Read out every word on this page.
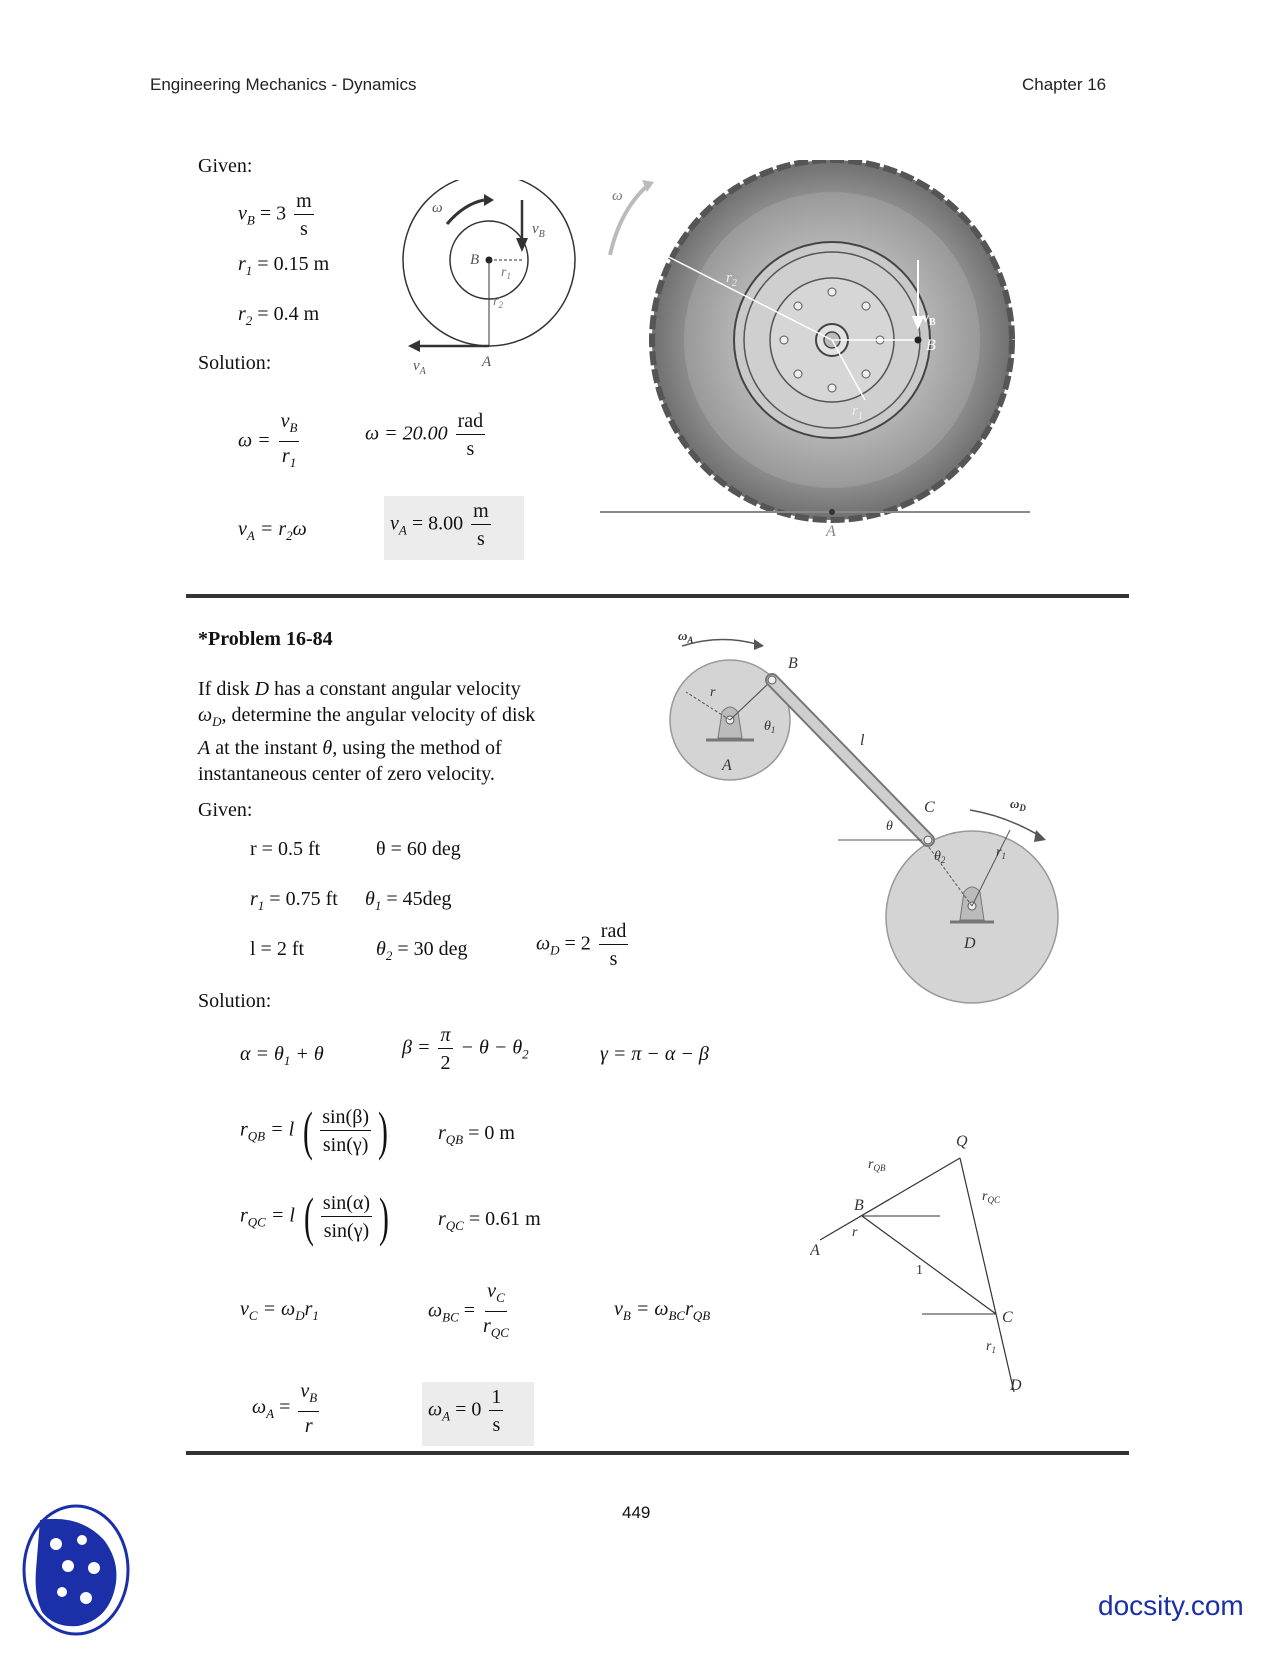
Engineering Mechanics - Dynamics	Chapter 16
Given:
$v_B = 3 \frac{m}{s}$
$r_1 = 0.15$ m
$r_2 = 0.4$ m
Solution:
$\omega = \frac{v_B}{r_1}$	$\omega = 20.00 \frac{\text{rad}}{s}$
$v_A = r_2\omega$	$v_A = 8.00 \frac{m}{s}$
ω
$v_B$
B
$r_1$
$r_2$
$v_A$
A
ω
$r_2$
$v_B$
B
$r_1$
A
*Problem 16-84
If disk D has a constant angular velocity
$\omega_D$, determine the angular velocity of disk
A at the instant θ, using the method of
instantaneous center of zero velocity.
Given:
r = 0.5 ft	θ = 60 deg
$r_1 = 0.75$ ft $\theta_1 = 45deg$
l = 2 ft	$\theta_2 = 30$ deg	$\omega_D = 2 \frac{\text{rad}}{s}$
Solution:
$\alpha = \theta_1 + \theta$	$\beta = \frac{\pi}{2} - \theta - \theta_2$	γ = π − α − β
$r_{QB} = l$ ( $\frac{\sin(\beta)}{\sin(\gamma)}$ )	$r_{QB} = 0$ m
$r_{QC} = l$ ( $\frac{\sin(\alpha)}{\sin(\gamma)}$ ) $r_{QC} = 0.61$ m
$v_C = \omega_Dr_1$	$\omega_{BC} = \frac{v_C}{r_{QC}}$	$v_B = \omega_{BC}r_{QB}$
$\omega_A = \frac{v_B}{r}$	$\omega_A = 0 \frac{1}{s}$
$\omega_A$
B
r
$\theta_1$
A
l
C
θ
$\theta_2$
$\omega_D$
$r_1$
D
Q
$r_{QB}$
B
$r_{QC}$
A
r
1
C
$r_1$
D
449
docsity.com
